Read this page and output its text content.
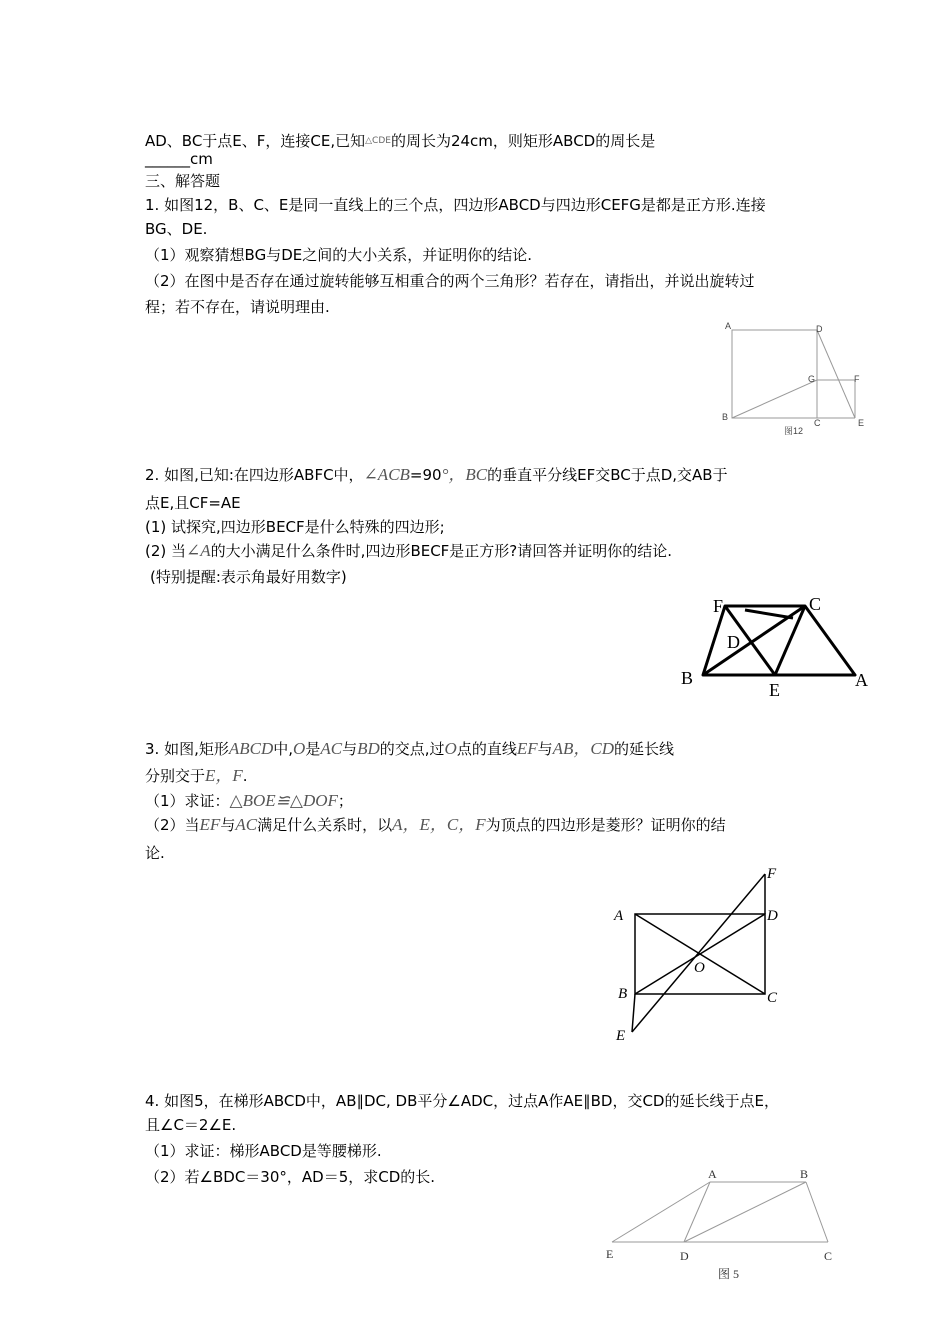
AD、BC于点E、F，连接CE,已知$^{\triangle CDE}$的周长为24cm，则矩形ABCD的周长是
______cm
三、解答题
1. 如图12，B、C、E是同一直线上的三个点，四边形ABCD与四边形CEFG是都是正方形.连接
BG、DE.
（1）观察猜想BG与DE之间的大小关系，并证明你的结论.
（2）在图中是否存在通过旋转能够互相重合的两个三角形？若存在，请指出，并说出旋转过
程；若不存在，请说明理由.
A	D
G	F
B
C	E
图12
2. 如图,已知:在四边形ABFC中，∠ACB=90°，BC的垂直平分线EF交BC于点D,交AB于
点E,且CF=AE
(1) 试探究,四边形BECF是什么特殊的四边形;
(2) 当∠A的大小满足什么条件时,四边形BECF是正方形?请回答并证明你的结论.
(特别提醒:表示角最好用数字)
F	C
D
B
E	A
3. 如图,矩形ABCD中,O是AC与BD的交点,过O点的直线EF与AB，CD的延长线
分别交于E，F.
（1）求证：△BOE≌△DOF；
（2）当EF与AC满足什么关系时，以A，E，C，F为顶点的四边形是菱形？证明你的结
论.
A	D
F
O
B	C
E
4. 如图5，在梯形ABCD中，AB∥DC, DB平分∠ADC，过点A作AE∥BD，交CD的延长线于点E，
且∠C＝2∠E.
（1）求证：梯形ABCD是等腰梯形.
（2）若∠BDC＝30°，AD＝5，求CD的长.	A	B
E	D	C
图 5
